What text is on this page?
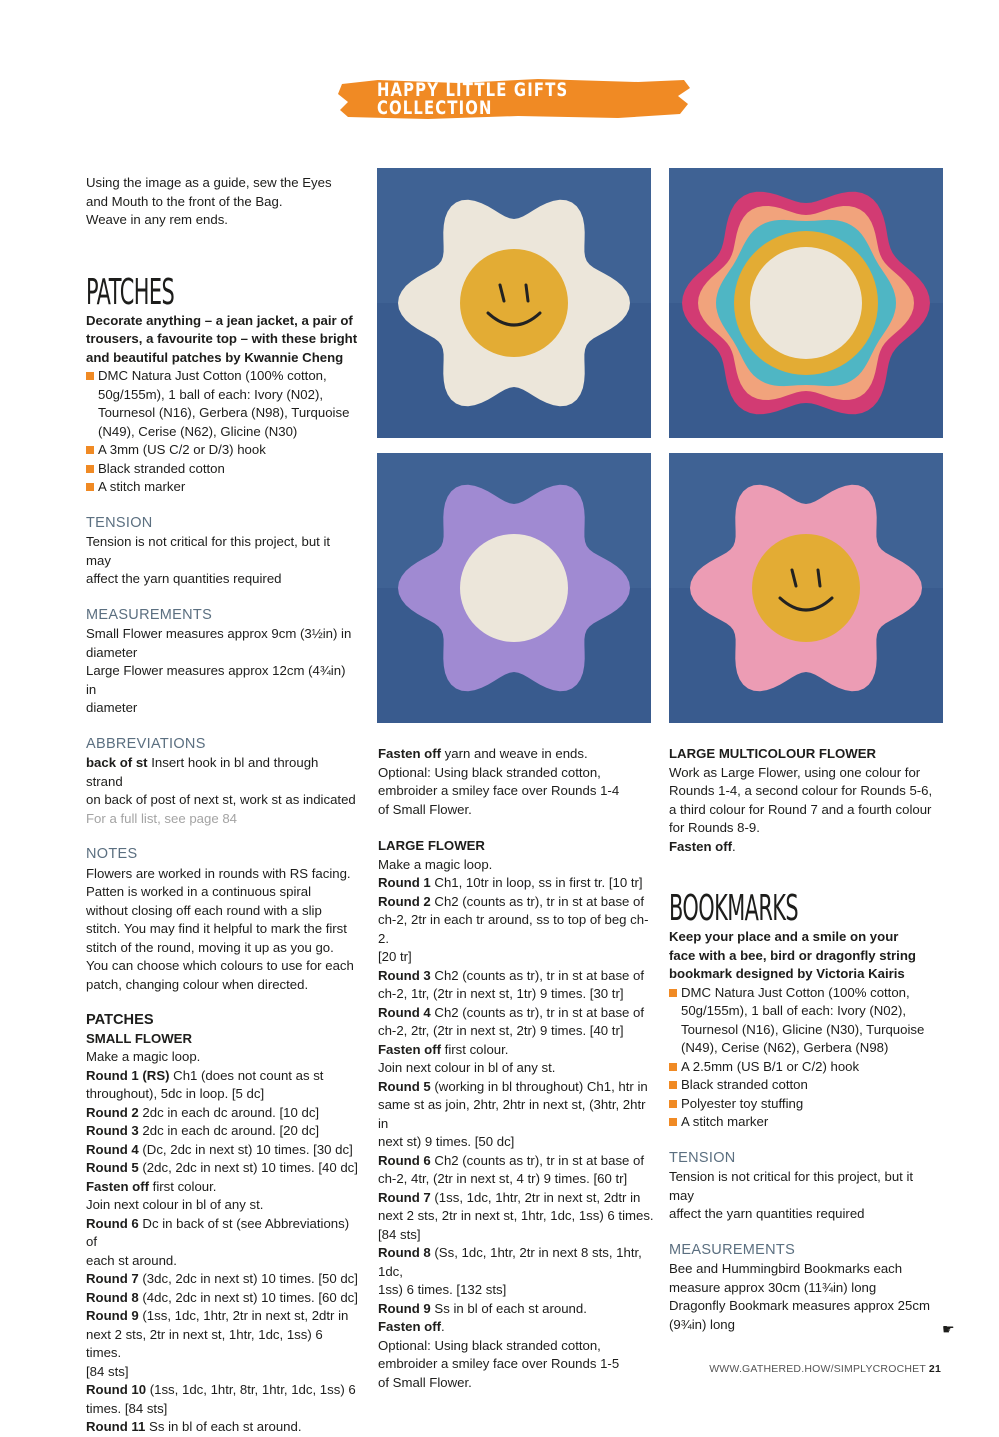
HAPPY LITTLE GIFTS COLLECTION
Using the image as a guide, sew the Eyes
and Mouth to the front of the Bag.
Weave in any rem ends.
PATCHES
Decorate anything – a jean jacket, a pair of
trousers, a favourite top – with these bright
and beautiful patches by Kwannie Cheng
DMC Natura Just Cotton (100% cotton,
50g/155m), 1 ball of each: Ivory (N02),
Tournesol (N16), Gerbera (N98), Turquoise
(N49), Cerise (N62), Glicine (N30)
A 3mm (US C/2 or D/3) hook
Black stranded cotton
A stitch marker
TENSION
Tension is not critical for this project, but it may
affect the yarn quantities required
MEASUREMENTS
Small Flower measures approx 9cm (3½in) in
diameter
Large Flower measures approx 12cm (4¾in) in
diameter
ABBREVIATIONS
back of st Insert hook in bl and through strand
on back of post of next st, work st as indicated
For a full list, see page 84
NOTES
Flowers are worked in rounds with RS facing.
Patten is worked in a continuous spiral
without closing off each round with a slip
stitch. You may find it helpful to mark the first
stitch of the round, moving it up as you go.
You can choose which colours to use for each
patch, changing colour when directed.
PATCHES
SMALL FLOWER
Make a magic loop.
Round 1 (RS) Ch1 (does not count as st
throughout), 5dc in loop. [5 dc]
Round 2 2dc in each dc around. [10 dc]
Round 3 2dc in each dc around. [20 dc]
Round 4 (Dc, 2dc in next st) 10 times. [30 dc]
Round 5 (2dc, 2dc in next st) 10 times. [40 dc]
Fasten off first colour.
Join next colour in bl of any st.
Round 6 Dc in back of st (see Abbreviations) of
each st around.
Round 7 (3dc, 2dc in next st) 10 times. [50 dc]
Round 8 (4dc, 2dc in next st) 10 times. [60 dc]
Round 9 (1ss, 1dc, 1htr, 2tr in next st, 2dtr in
next 2 sts, 2tr in next st, 1htr, 1dc, 1ss) 6 times.
[84 sts]
Round 10 (1ss, 1dc, 1htr, 8tr, 1htr, 1dc, 1ss) 6
times. [84 sts]
Round 11 Ss in bl of each st around.
Fasten off yarn and weave in ends.
Optional: Using black stranded cotton,
embroider a smiley face over Rounds 1-4
of Small Flower.
LARGE FLOWER
Make a magic loop.
Round 1 Ch1, 10tr in loop, ss in first tr. [10 tr]
Round 2 Ch2 (counts as tr), tr in st at base of
ch-2, 2tr in each tr around, ss to top of beg ch-2.
[20 tr]
Round 3 Ch2 (counts as tr), tr in st at base of
ch-2, 1tr, (2tr in next st, 1tr) 9 times. [30 tr]
Round 4 Ch2 (counts as tr), tr in st at base of
ch-2, 2tr, (2tr in next st, 2tr) 9 times. [40 tr]
Fasten off first colour.
Join next colour in bl of any st.
Round 5 (working in bl throughout) Ch1, htr in
same st as join, 2htr, 2htr in next st, (3htr, 2htr in
next st) 9 times. [50 dc]
Round 6 Ch2 (counts as tr), tr in st at base of
ch-2, 4tr, (2tr in next st, 4 tr) 9 times. [60 tr]
Round 7 (1ss, 1dc, 1htr, 2tr in next st, 2dtr in
next 2 sts, 2tr in next st, 1htr, 1dc, 1ss) 6 times.
[84 sts]
Round 8 (Ss, 1dc, 1htr, 2tr in next 8 sts, 1htr, 1dc,
1ss) 6 times. [132 sts]
Round 9 Ss in bl of each st around.
Fasten off.
Optional: Using black stranded cotton,
embroider a smiley face over Rounds 1-5
of Small Flower.
LARGE MULTICOLOUR FLOWER
Work as Large Flower, using one colour for
Rounds 1-4, a second colour for Rounds 5-6,
a third colour for Round 7 and a fourth colour
for Rounds 8-9.
Fasten off.
BOOKMARKS
Keep your place and a smile on your
face with a bee, bird or dragonfly string
bookmark designed by Victoria Kairis
DMC Natura Just Cotton (100% cotton,
50g/155m), 1 ball of each: Ivory (N02),
Tournesol (N16), Glicine (N30), Turquoise
(N49), Cerise (N62), Gerbera (N98)
A 2.5mm (US B/1 or C/2) hook
Black stranded cotton
Polyester toy stuffing
A stitch marker
TENSION
Tension is not critical for this project, but it may
affect the yarn quantities required
MEASUREMENTS
Bee and Hummingbird Bookmarks each
measure approx 30cm (11¾in) long
Dragonfly Bookmark measures approx 25cm
(9¾in) long	☛
WWW.GATHERED.HOW/SIMPLYCROCHET 21
